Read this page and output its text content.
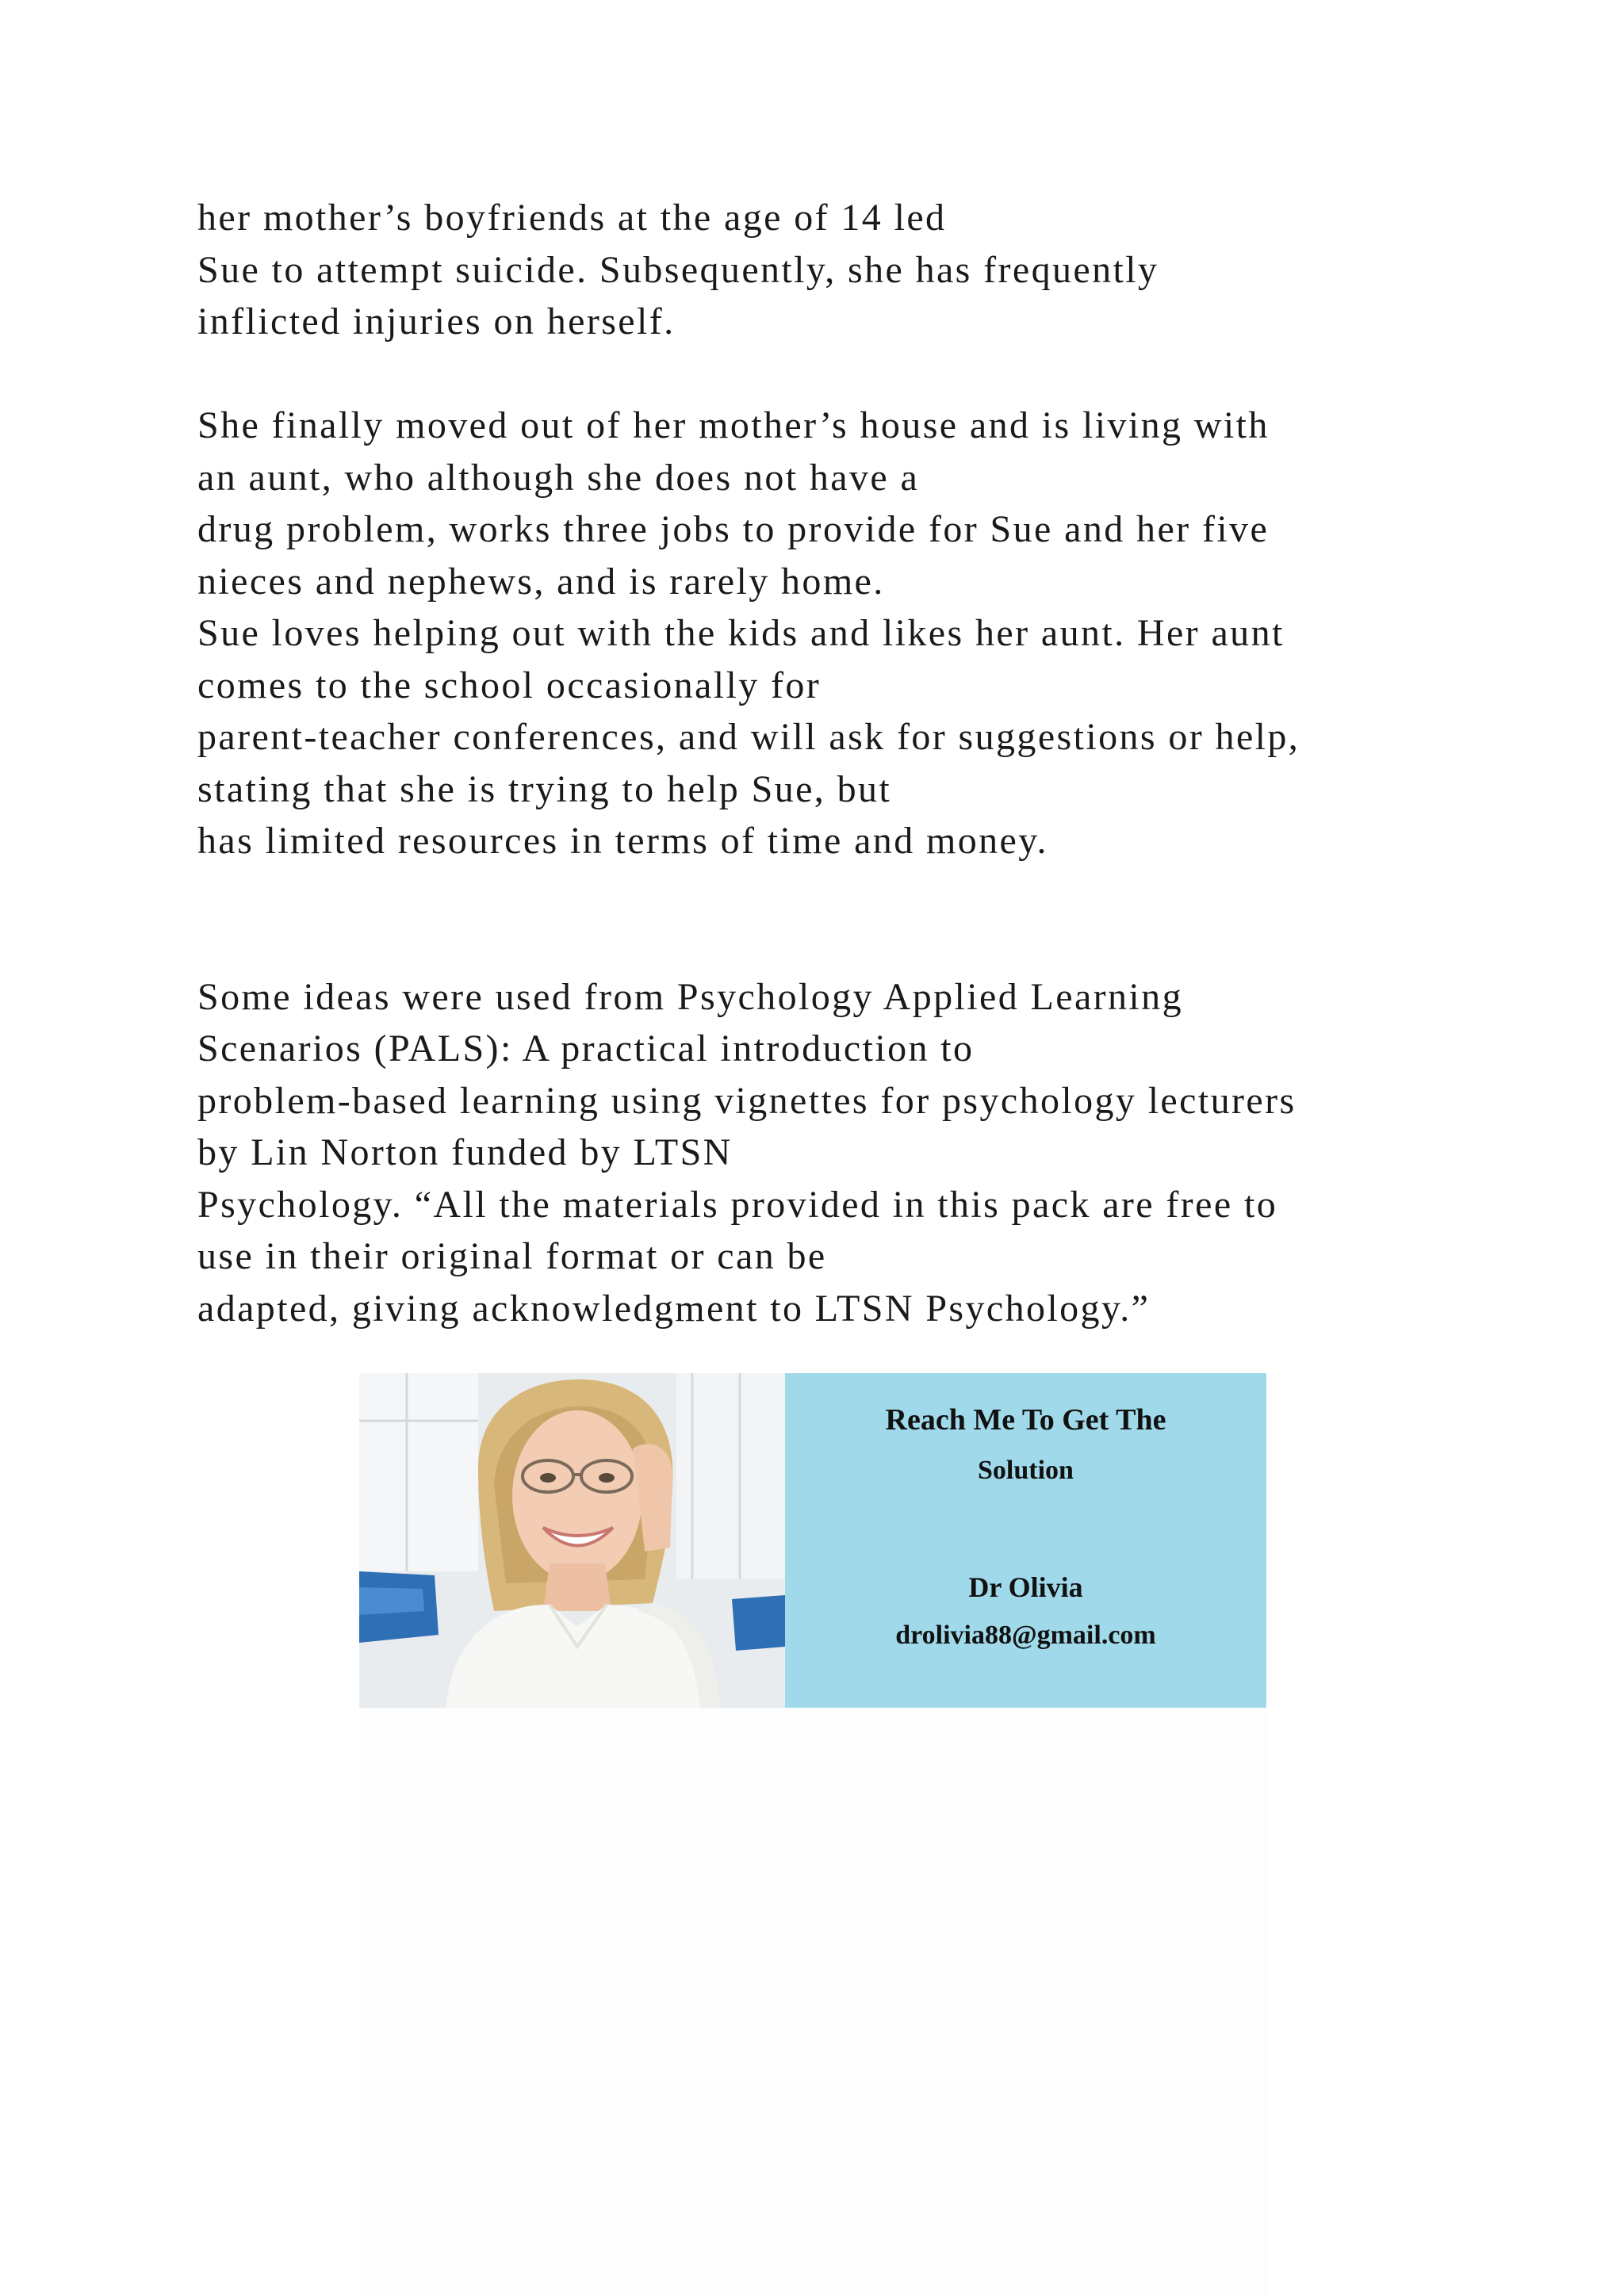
her mother’s boyfriends at the age of 14 led
Sue to attempt suicide. Subsequently, she has frequently
inflicted injuries on herself.
She finally moved out of her mother’s house and is living with
an aunt, who although she does not have a
drug problem, works three jobs to provide for Sue and her five
nieces and nephews, and is rarely home.
Sue loves helping out with the kids and likes her aunt. Her aunt
comes to the school occasionally for
parent-teacher conferences, and will ask for suggestions or help,
stating that she is trying to help Sue, but
has limited resources in terms of time and money.
Some ideas were used from Psychology Applied Learning
Scenarios (PALS): A practical introduction to
problem-based learning using vignettes for psychology lecturers
by Lin Norton funded by LTSN
Psychology. “All the materials provided in this pack are free to
use in their original format or can be
adapted, giving acknowledgment to LTSN Psychology.”
Reach Me To Get The
Solution
Dr Olivia
drolivia88@gmail.com
